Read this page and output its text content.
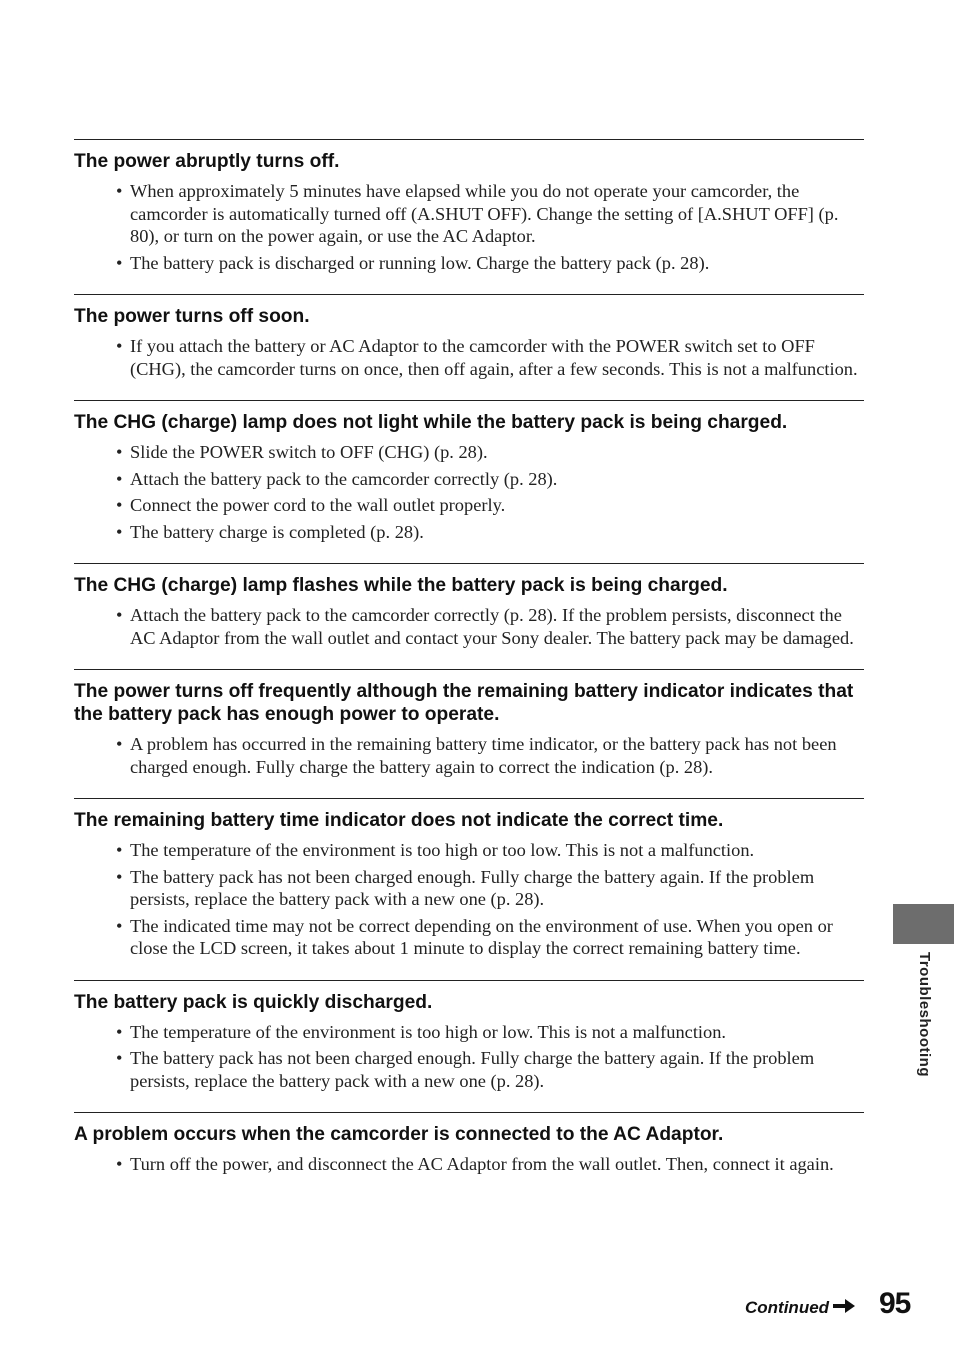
The power abruptly turns off.
• When approximately 5 minutes have elapsed while you do not operate your camcorder, the camcorder is automatically turned off (A.SHUT OFF). Change the setting of [A.SHUT OFF] (p. 80), or turn on the power again, or use the AC Adaptor.
• The battery pack is discharged or running low. Charge the battery pack (p. 28).
The power turns off soon.
• If you attach the battery or AC Adaptor to the camcorder with the POWER switch set to OFF (CHG), the camcorder turns on once, then off again, after a few seconds. This is not a malfunction.
The CHG (charge) lamp does not light while the battery pack is being charged.
• Slide the POWER switch to OFF (CHG) (p. 28).
• Attach the battery pack to the camcorder correctly (p. 28).
• Connect the power cord to the wall outlet properly.
• The battery charge is completed (p. 28).
The CHG (charge) lamp flashes while the battery pack is being charged.
• Attach the battery pack to the camcorder correctly (p. 28). If the problem persists, disconnect the AC Adaptor from the wall outlet and contact your Sony dealer. The battery pack may be damaged.
The power turns off frequently although the remaining battery indicator indicates that the battery pack has enough power to operate.
• A problem has occurred in the remaining battery time indicator, or the battery pack has not been charged enough. Fully charge the battery again to correct the indication (p. 28).
The remaining battery time indicator does not indicate the correct time.
• The temperature of the environment is too high or too low. This is not a malfunction.
• The battery pack has not been charged enough. Fully charge the battery again. If the problem persists, replace the battery pack with a new one (p. 28).
• The indicated time may not be correct depending on the environment of use. When you open or close the LCD screen, it takes about 1 minute to display the correct remaining battery time.
The battery pack is quickly discharged.
• The temperature of the environment is too high or low. This is not a malfunction.
• The battery pack has not been charged enough. Fully charge the battery again. If the problem persists, replace the battery pack with a new one (p. 28).
A problem occurs when the camcorder is connected to the AC Adaptor.
• Turn off the power, and disconnect the AC Adaptor from the wall outlet. Then, connect it again.
Troubleshooting
Continued 95
